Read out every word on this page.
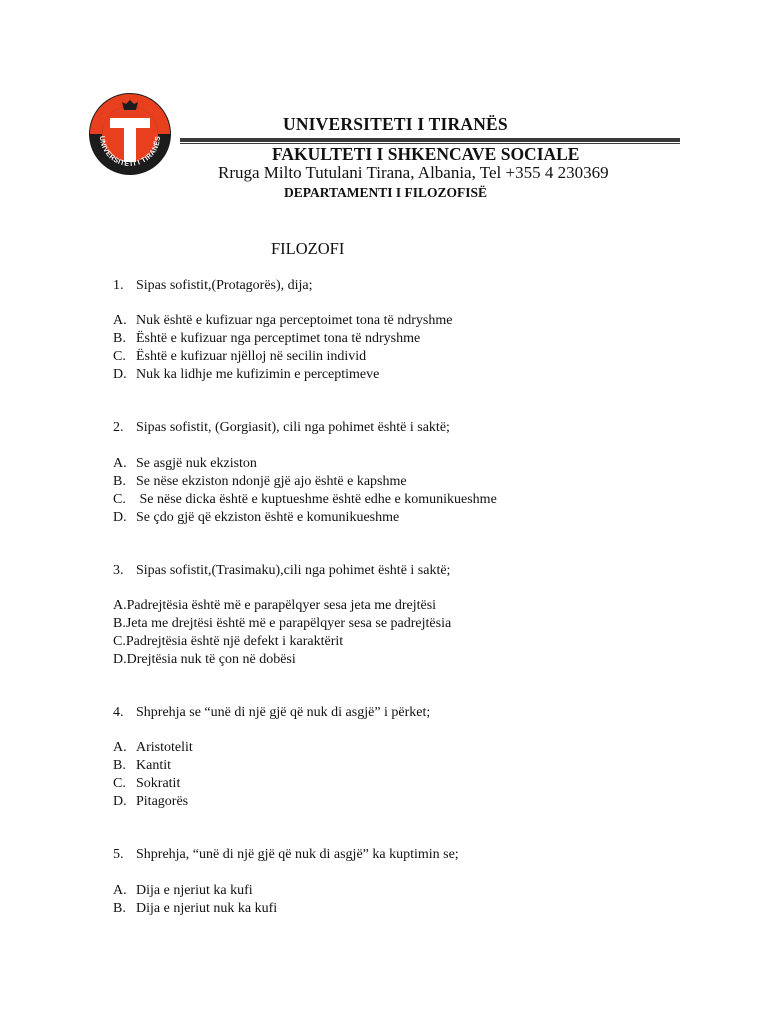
UNIVERSITETI I TIRANËS
UNIVERSITETI I TIRANËS
FAKULTETI I SHKENCAVE SOCIALE
Rruga Milto Tutulani Tirana, Albania, Tel +355 4 230369
DEPARTAMENTI I FILOZOFISË
FILOZOFI
1. Sipas sofistit,(Protagorës), dija;
A. Nuk është e kufizuar nga perceptoimet tona të ndryshme
B. Është e kufizuar nga perceptimet tona të ndryshme
C. Është e kufizuar njëlloj në secilin individ
D. Nuk ka lidhje me kufizimin e perceptimeve
2. Sipas sofistit, (Gorgiasit), cili nga pohimet është i saktë;
A. Se asgjë nuk ekziston
B. Se nëse ekziston ndonjë gjë ajo është e kapshme
C. Se nëse dicka është e kuptueshme është edhe e komunikueshme
D. Se çdo gjë që ekziston është e komunikueshme
3. Sipas sofistit,(Trasimaku),cili nga pohimet është i saktë;
A.Padrejtësia është më e parapëlqyer sesa jeta me drejtësi
B.Jeta me drejtësi është më e parapëlqyer sesa se padrejtësia
C.Padrejtësia është një defekt i karaktërit
D.Drejtësia nuk të çon në dobësi
4. Shprehja se “unë di një gjë që nuk di asgjë” i përket;
A. Aristotelit
B. Kantit
C. Sokratit
D. Pitagorës
5. Shprehja, “unë di një gjë që nuk di asgjë” ka kuptimin se;
A. Dija e njeriut ka kufi
B. Dija e njeriut nuk ka kufi
